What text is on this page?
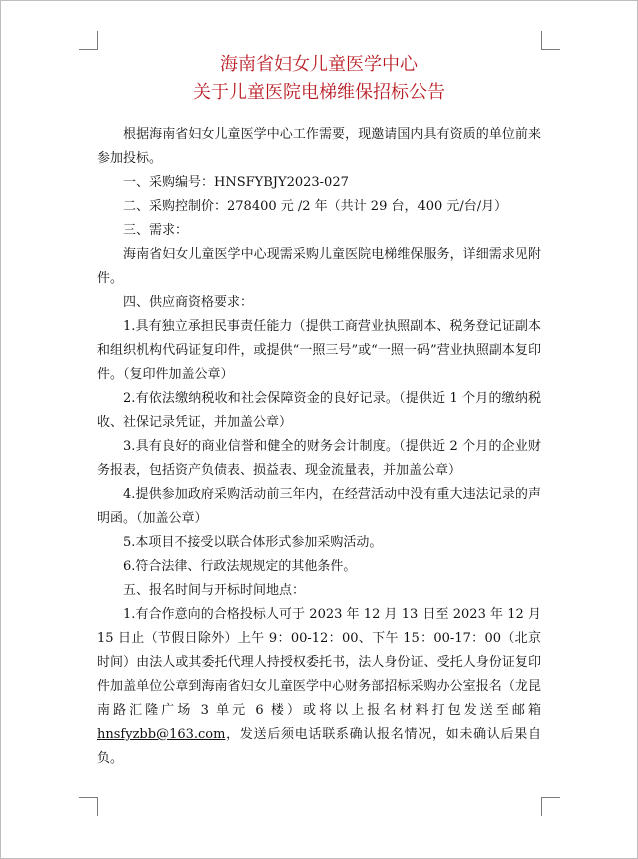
海南省妇女儿童医学中心
关于儿童医院电梯维保招标公告

根据海南省妇女儿童医学中心工作需要，现邀请国内具有资质的单位前来参加投标。

一、采购编号：HNSFYBJY2023-027

二、采购控制价：278400 元 /2 年（共计 29 台，400 元/台/月）

三、需求：

海南省妇女儿童医学中心现需采购儿童医院电梯维保服务，详细需求见附件。

四、供应商资格要求：

1.具有独立承担民事责任能力（提供工商营业执照副本、税务登记证副本和组织机构代码证复印件，或提供“一照三号”或“一照一码”营业执照副本复印件。（复印件加盖公章）

2.有依法缴纳税收和社会保障资金的良好记录。（提供近 1 个月的缴纳税收、社保记录凭证，并加盖公章）

3.具有良好的商业信誉和健全的财务会计制度。（提供近 2 个月的企业财务报表，包括资产负债表、损益表、现金流量表，并加盖公章）

4.提供参加政府采购活动前三年内，在经营活动中没有重大违法记录的声明函。（加盖公章）

5.本项目不接受以联合体形式参加采购活动。

6.符合法律、行政法规规定的其他条件。

五、报名时间与开标时间地点：

1.有合作意向的合格投标人可于 2023 年 12 月 13 日至 2023 年 12 月 15 日止（节假日除外）上午 9：00-12：00、下午 15：00-17：00（北京时间）由法人或其委托代理人持授权委托书，法人身份证、受托人身份证复印件加盖单位公章到海南省妇女儿童医学中心财务部招标采购办公室报名（龙昆南路汇隆广场 3 单元 6 楼）或将以上报名材料打包发送至邮箱 hnsfyzbb@163.com，发送后须电话联系确认报名情况，如未确认后果自负。
